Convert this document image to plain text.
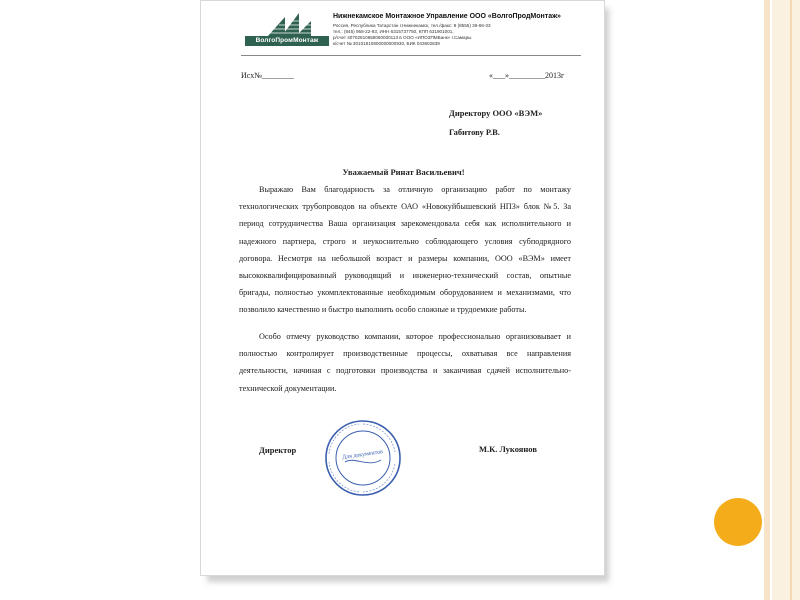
ВолгоПромМонтаж
Нижнекамское Монтажное Управление ООО «ВолгоПродМонтаж»
Россия, Республика Татарстан г.Нижнекамск, тел./факс: 8 (8555) 36-66-33
тел.: (845) 958-22-93, ИНН 6315737750, КПП 631901001,
р/счет 40702810658060000113 в ООО «ИПОЗПМБанк» г.Самары
к/счет № 30101810800000000930, БИК 043602839
Исх№________	«___»_________2013г
Директору ООО «ВЭМ»
Габитову Р.В.
Уважаемый Ринат Васильевич!
Выражаю Вам благодарность за отличную организацию работ по монтажу технологических трубопроводов на объекте ОАО «Новокуйбышевский НПЗ» блок №5. За период сотрудничества Ваша организация зарекомендовала себя как исполнительного и надежного партнера, строго и неукоснительно соблюдающего условия субподрядного договора. Несмотря на небольшой возраст и размеры компании, ООО «ВЭМ» имеет высококвалифицированный руководящий и инженерно-технический состав, опытные бригады, полностью укомплектованные необходимым оборудованием и механизмами, что позволило качественно и быстро выполнить особо сложные и трудоемкие работы.
Особо отмечу руководство компании, которое профессионально организовывает и полностью контролирует производственные процессы, охватывая все направления деятельности, начиная с подготовки производства и заканчивая сдачей исполнительно-технической документации.
Директор	Для документов
М.К. Лукоянов
